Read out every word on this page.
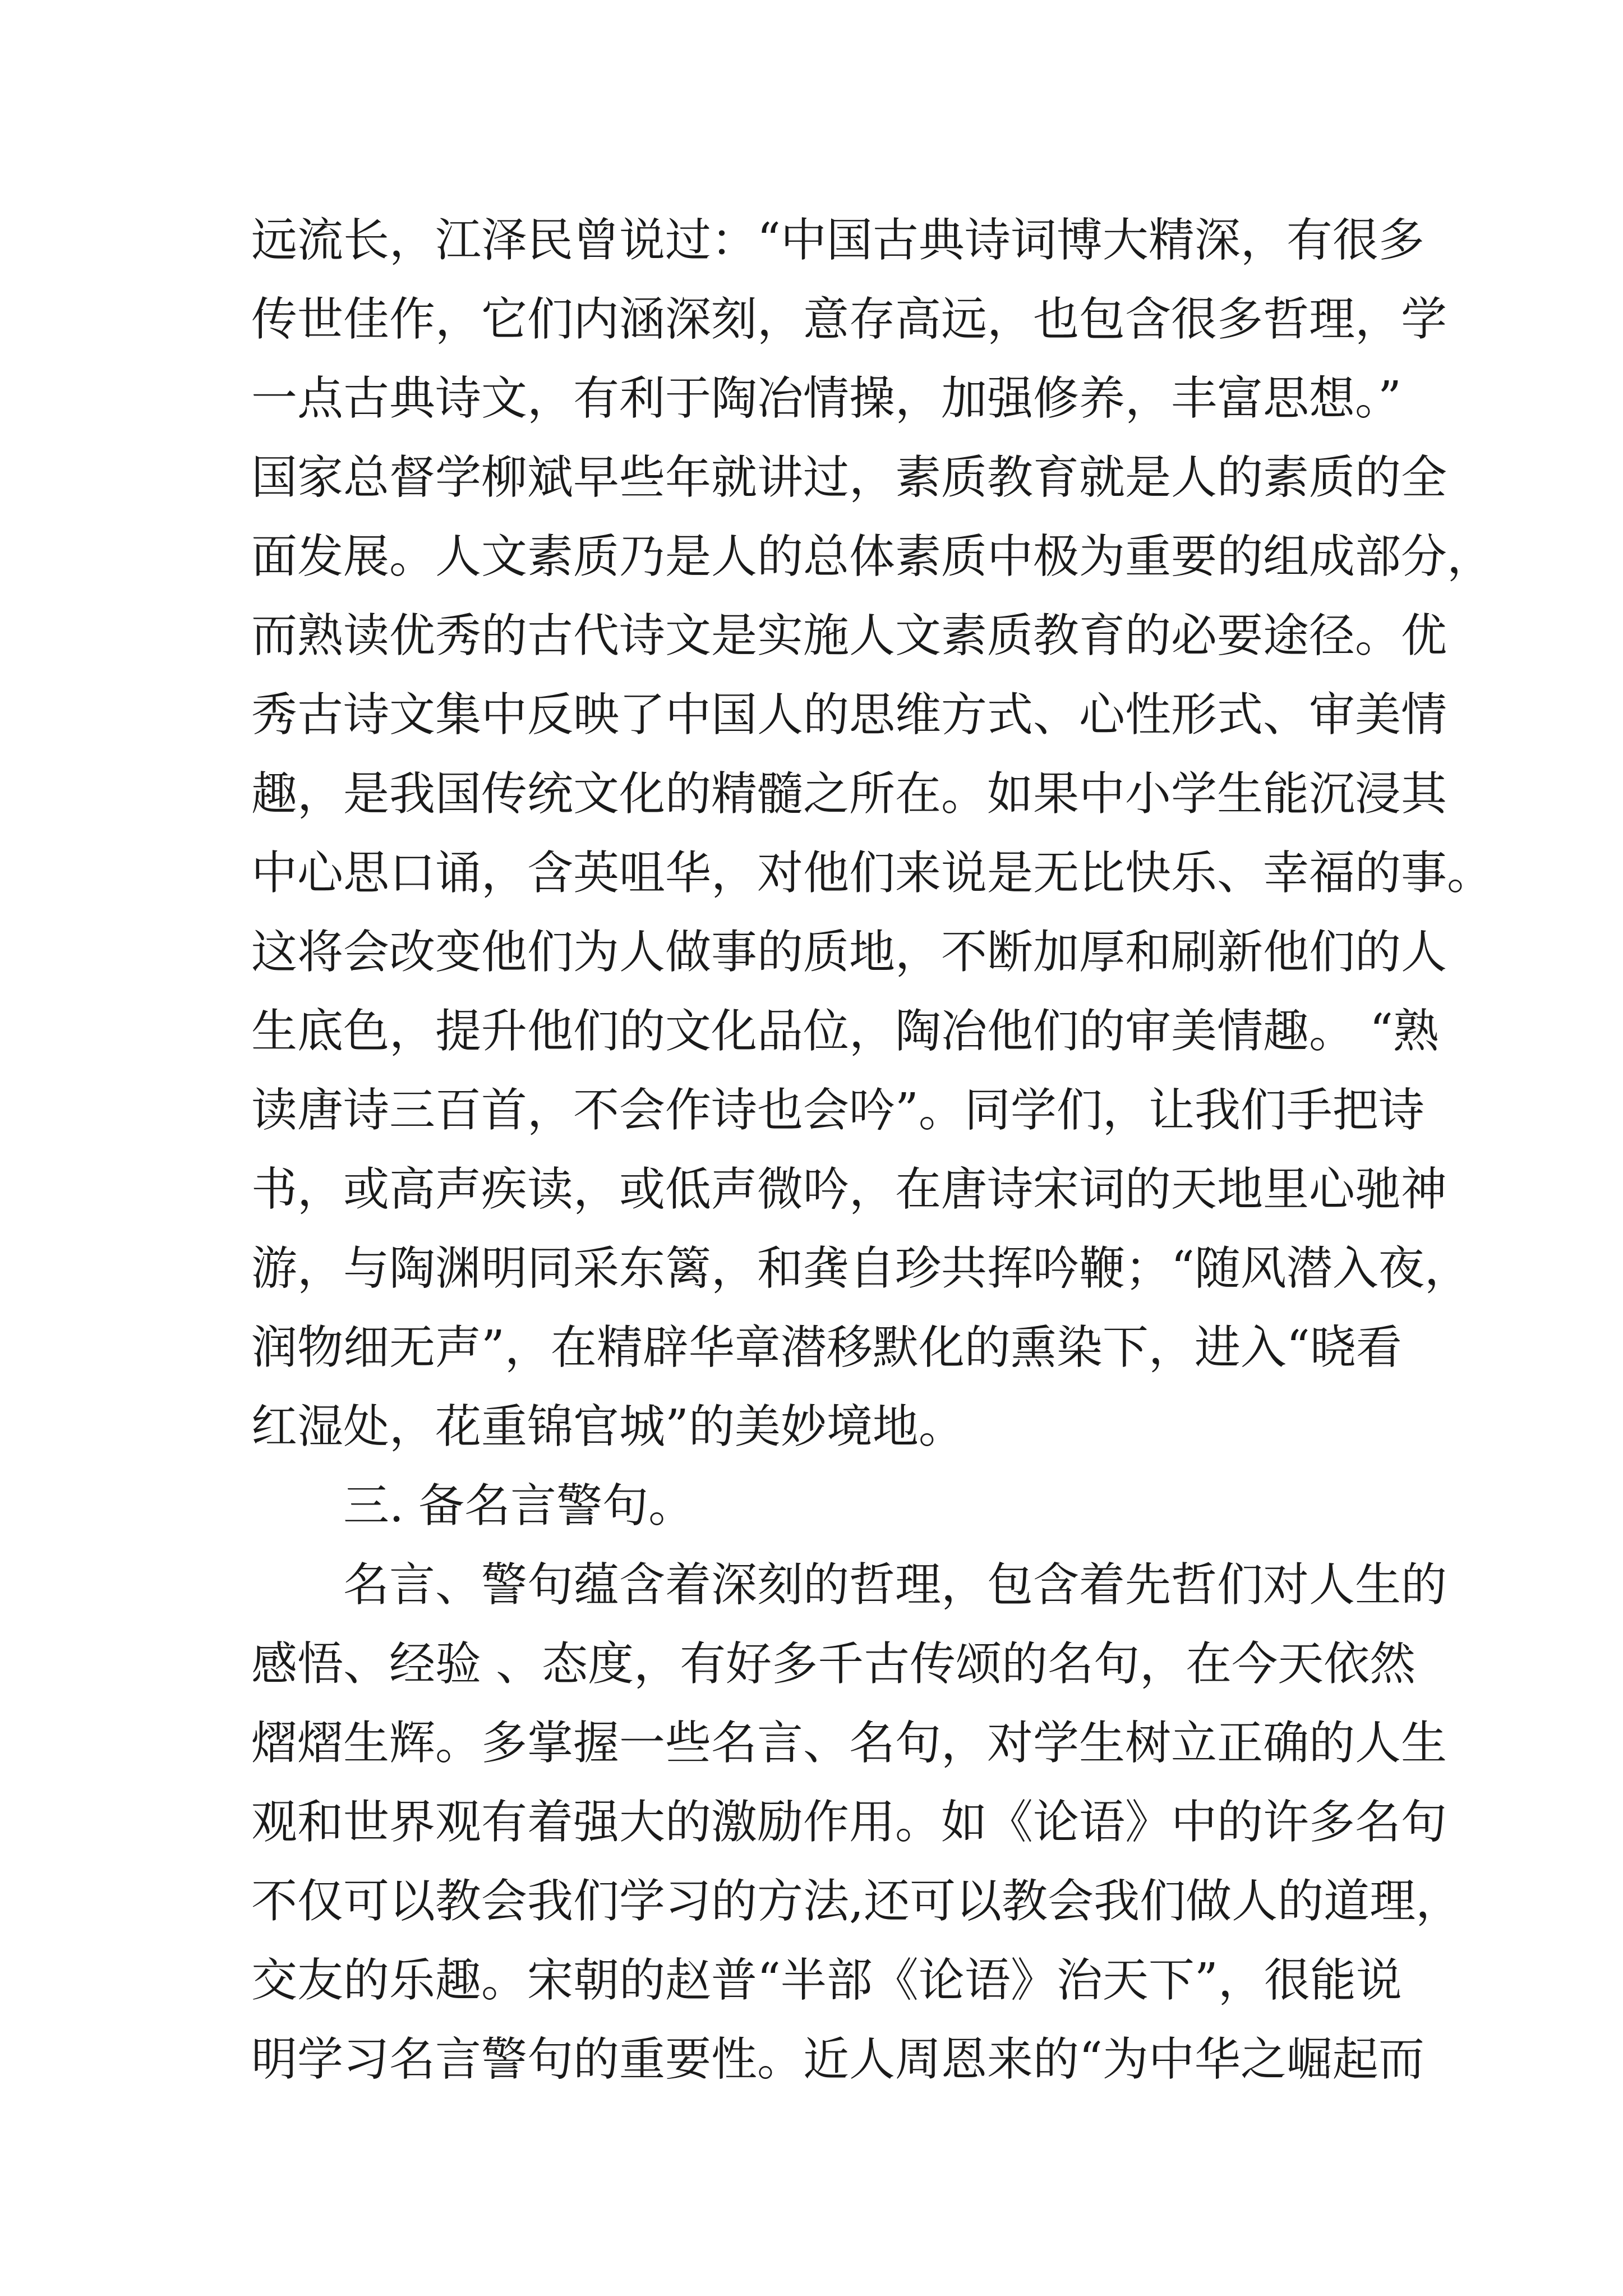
远流长，江泽民曾说过：“中国古典诗词博大精深，有很多
传世佳作，它们内涵深刻，意存高远，也包含很多哲理，学
一点古典诗文，有利于陶冶情操，加强修养，丰富思想。”
国家总督学柳斌早些年就讲过，素质教育就是人的素质的全
面发展。人文素质乃是人的总体素质中极为重要的组成部分，
而熟读优秀的古代诗文是实施人文素质教育的必要途径。优
秀古诗文集中反映了中国人的思维方式、心性形式、审美情
趣，是我国传统文化的精髓之所在。如果中小学生能沉浸其
中心思口诵，含英咀华，对他们来说是无比快乐、幸福的事。
这将会改变他们为人做事的质地，不断加厚和刷新他们的人
生底色，提升他们的文化品位，陶冶他们的审美情趣。 “熟
读唐诗三百首，不会作诗也会吟”。同学们，让我们手把诗
书，或高声疾读，或低声微吟，在唐诗宋词的天地里心驰神
游，与陶渊明同采东篱，和龚自珍共挥吟鞭；“随风潜入夜，
润物细无声”，在精辟华章潜移默化的熏染下，进入“晓看
红湿处，花重锦官城”的美妙境地。
三. 备名言警句。
名言、警句蕴含着深刻的哲理，包含着先哲们对人生的
感悟、经验 、态度，有好多千古传颂的名句，在今天依然
熠熠生辉。多掌握一些名言、名句，对学生树立正确的人生
观和世界观有着强大的激励作用。如《论语》中的许多名句
不仅可以教会我们学习的方法,还可以教会我们做人的道理，
交友的乐趣。宋朝的赵普“半部《论语》治天下”，很能说
明学习名言警句的重要性。近人周恩来的“为中华之崛起而
